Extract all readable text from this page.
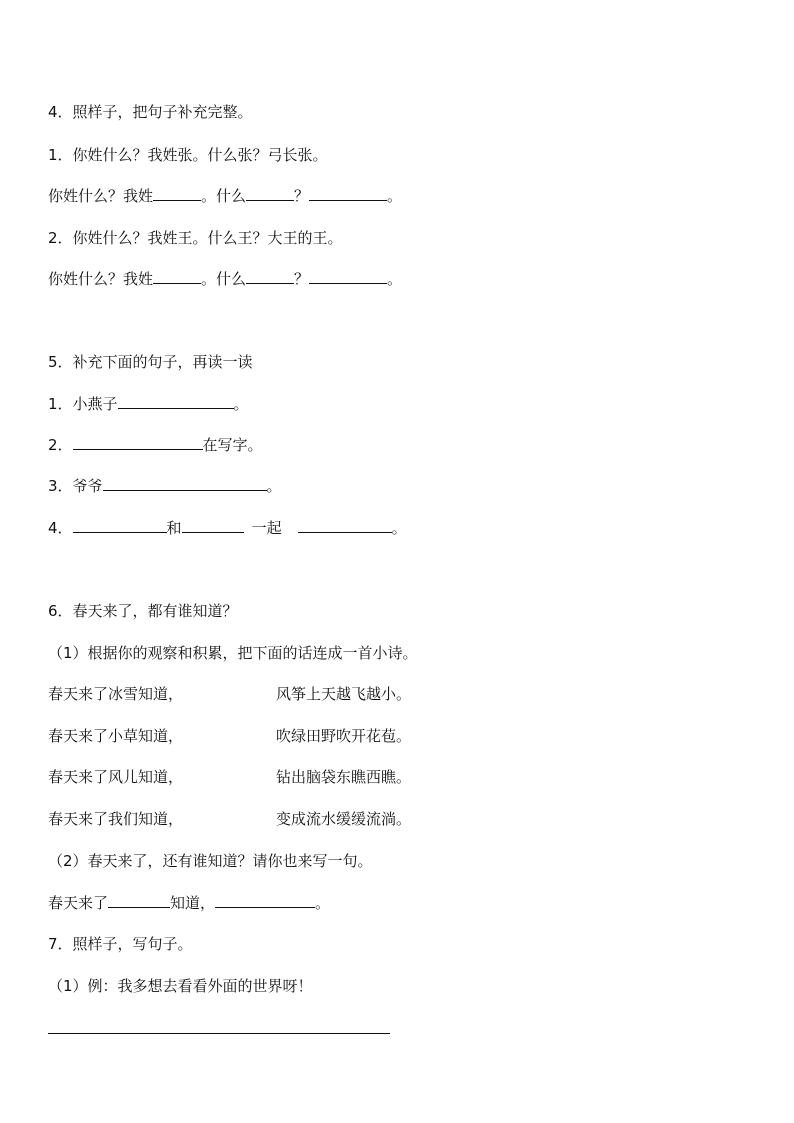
4．照样子，把句子补充完整。
1．你姓什么？我姓张。什么张？弓长张。
你姓什么？我姓	。什么	？	。
2．你姓什么？我姓王。什么王？大王的王。
你姓什么？我姓	。什么	？	。
5．补充下面的句子，再读一读
1．小燕子	。
2．	在写字。
3．爷爷	。
4．	和	一起	。
6．春天来了，都有谁知道？
（1）根据你的观察和积累，把下面的话连成一首小诗。
春天来了冰雪知道，	风筝上天越飞越小。
春天来了小草知道，	吹绿田野吹开花苞。
春天来了风儿知道，	钻出脑袋东瞧西瞧。
春天来了我们知道，	变成流水缓缓流淌。
（2）春天来了，还有谁知道？请你也来写一句。
春天来了	知道，	。
7．照样子，写句子。
（1）例：我多想去看看外面的世界呀！
